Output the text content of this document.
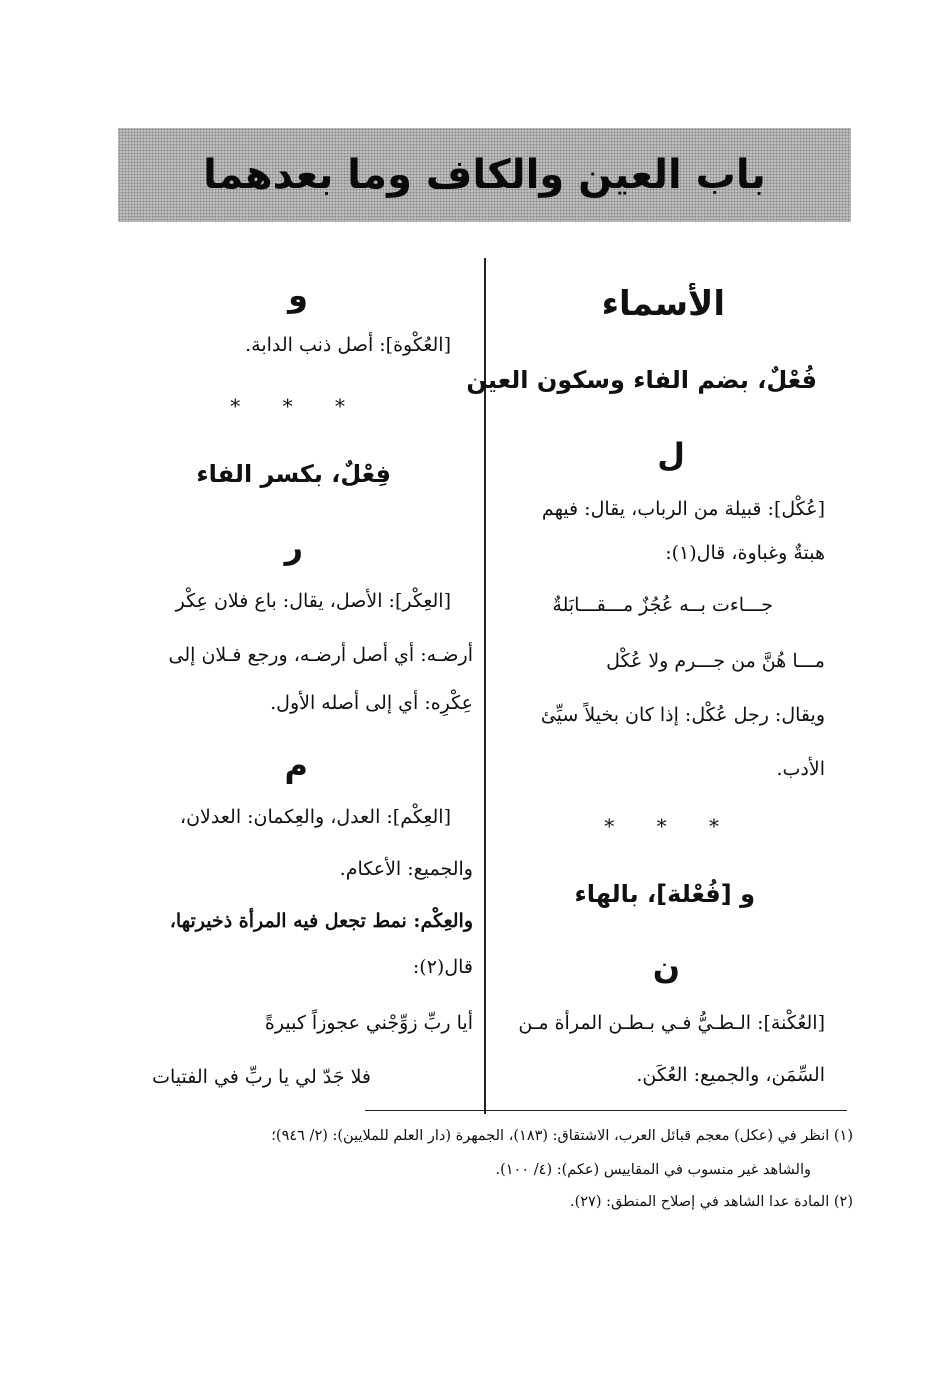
باب العين والكاف وما بعدهما
الأسماء
فُعْلٌ، بضم الفاء وسكون العين
ل
[عُكْل]: قبيلة من الرباب، يقال: فيهم
هبتةٌ وغباوة، قال(١):
جـــاءت بــه عُجُزٌ مـــقـــابَلةٌ
مـــا هُنَّ من جـــرم ولا عُكْل
ويقال: رجل عُكْل: إذا كان بخيلاً سيِّئ
الأدب.
* * *
و [فُعْلة]، بالهاء
ن
[العُكْنة]: الـطـيُّ فـي بـطـن المرأة مـن
السِّمَن، والجميع: العُكَن.
و
[العُكْوة]: أصل ذنب الدابة.
* * *
فِعْلٌ، بكسر الفاء
ر
[العِكْر]: الأصل، يقال: باع فلان عِكْر
أرضـه: أي أصل أرضـه، ورجع فـلان إلى
عِكْرِه: أي إلى أصله الأول.
م
[العِكْم]: العدل، والعِكمان: العدلان،
والجميع: الأعكام.
والعِكْم: نمط تجعل فيه المرأة ذخيرتها،
قال(٢):
أيا ربِّ زوِّجْني عجوزاً كبيرةً
فلا جَدّ لي يا ربِّ في الفتيات
(١) انظر في (عكل) معجم قبائل العرب، الاشتقاق: (١٨٣)، الجمهرة (دار العلم للملايين): (٢/ ٩٤٦)؛
والشاهد غير منسوب في المقاييس (عكم): (٤/ ١٠٠).
(٢) المادة عدا الشاهد في إصلاح المنطق: (٢٧).
